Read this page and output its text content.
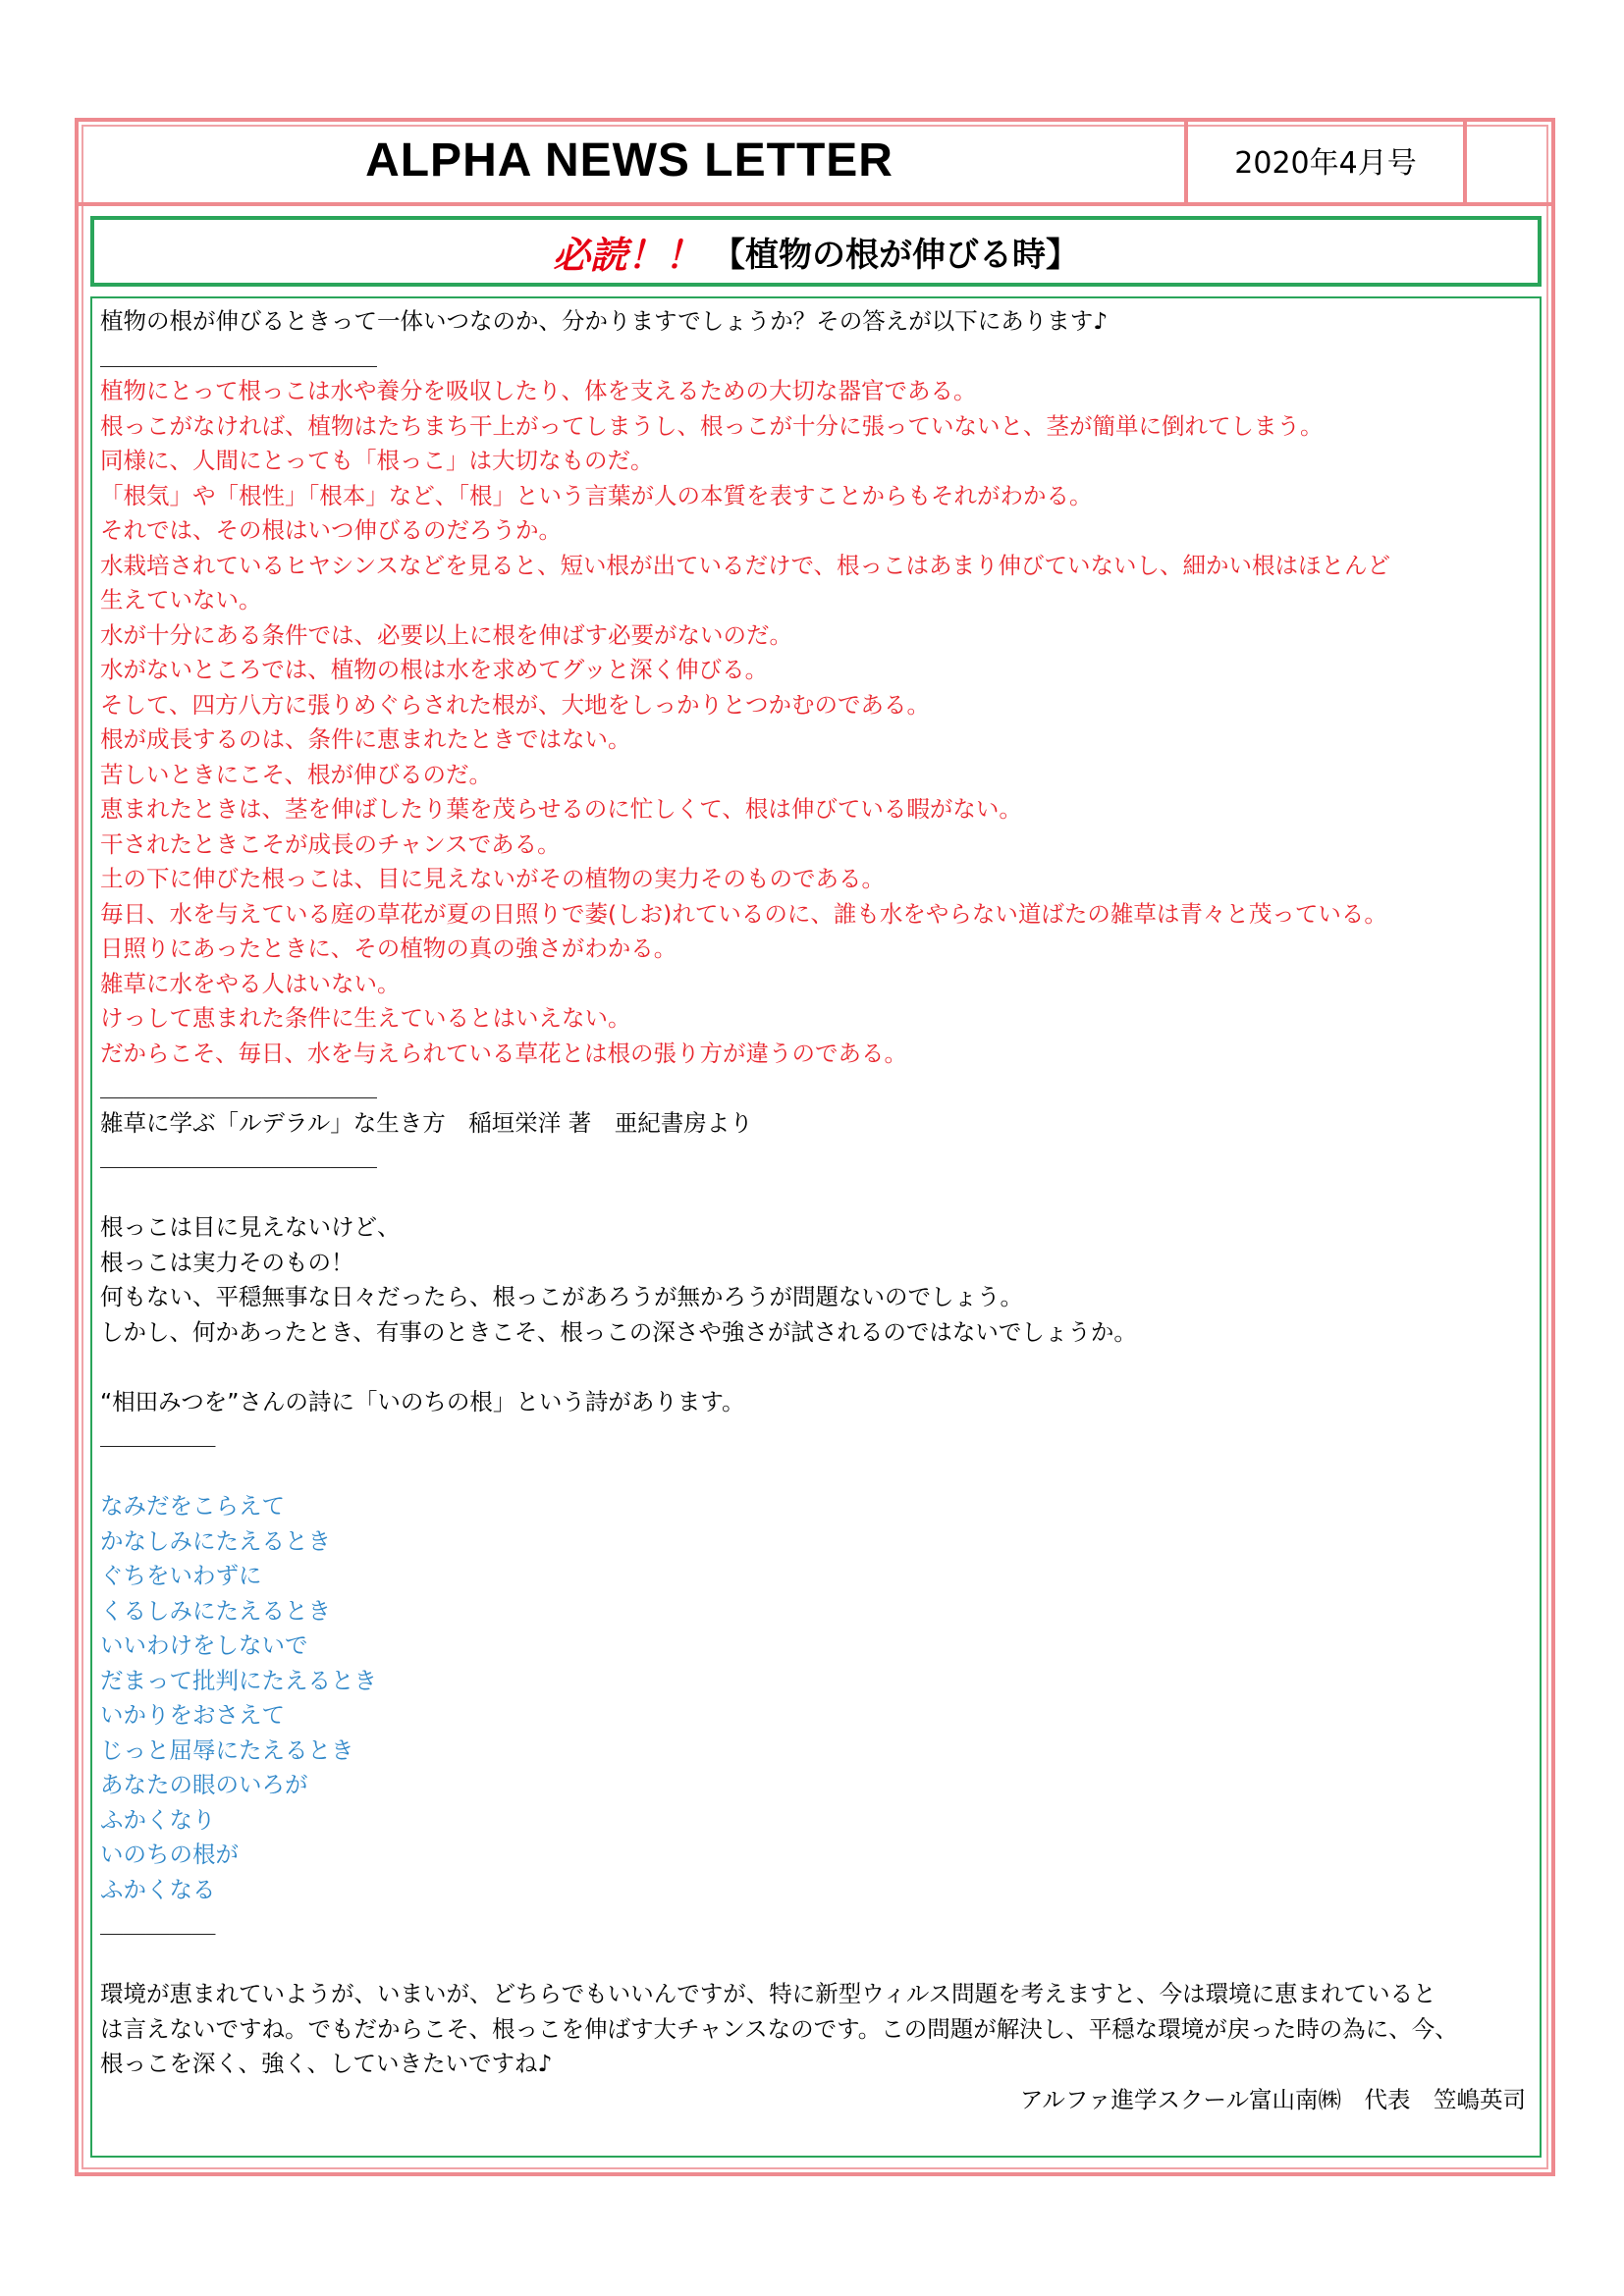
ALPHA NEWS LETTER	2020年4月号
必読！！ 【植物の根が伸びる時】
植物の根が伸びるときって一体いつなのか、分かりますでしょうか？その答えが以下にあります♪
＿＿＿＿＿＿＿＿＿＿＿＿
植物にとって根っこは水や養分を吸収したり、体を支えるための大切な器官である。
根っこがなければ、植物はたちまち干上がってしまうし、根っこが十分に張っていないと、茎が簡単に倒れてしまう。
同様に、人間にとっても「根っこ」は大切なものだ。
「根気」や「根性」「根本」など、「根」という言葉が人の本質を表すことからもそれがわかる。
それでは、その根はいつ伸びるのだろうか。
水栽培されているヒヤシンスなどを見ると、短い根が出ているだけで、根っこはあまり伸びていないし、細かい根はほとんど
生えていない。
水が十分にある条件では、必要以上に根を伸ばす必要がないのだ。
水がないところでは、植物の根は水を求めてグッと深く伸びる。
そして、四方八方に張りめぐらされた根が、大地をしっかりとつかむのである。
根が成長するのは、条件に恵まれたときではない。
苦しいときにこそ、根が伸びるのだ。
恵まれたときは、茎を伸ばしたり葉を茂らせるのに忙しくて、根は伸びている暇がない。
干されたときこそが成長のチャンスである。
土の下に伸びた根っこは、目に見えないがその植物の実力そのものである。
毎日、水を与えている庭の草花が夏の日照りで萎(しお)れているのに、誰も水をやらない道ばたの雑草は青々と茂っている。
日照りにあったときに、その植物の真の強さがわかる。
雑草に水をやる人はいない。
けっして恵まれた条件に生えているとはいえない。
だからこそ、毎日、水を与えられている草花とは根の張り方が違うのである。
＿＿＿＿＿＿＿＿＿＿＿＿
雑草に学ぶ「ルデラル」な生き方　稲垣栄洋 著　亜紀書房より
＿＿＿＿＿＿＿＿＿＿＿＿
根っこは目に見えないけど、
根っこは実力そのもの！
何もない、平穏無事な日々だったら、根っこがあろうが無かろうが問題ないのでしょう。
しかし、何かあったとき、有事のときこそ、根っこの深さや強さが試されるのではないでしょうか。
“相田みつを”さんの詩に「いのちの根」という詩があります。
＿＿＿＿＿
なみだをこらえて
かなしみにたえるとき
ぐちをいわずに
くるしみにたえるとき
いいわけをしないで
だまって批判にたえるとき
いかりをおさえて
じっと屈辱にたえるとき
あなたの眼のいろが
ふかくなり
いのちの根が
ふかくなる
＿＿＿＿＿
環境が恵まれていようが、いまいが、どちらでもいいんですが、特に新型ウィルス問題を考えますと、今は環境に恵まれていると
は言えないですね。でもだからこそ、根っこを伸ばす大チャンスなのです。この問題が解決し、平穏な環境が戻った時の為に、今、
根っこを深く、強く、していきたいですね♪
アルファ進学スクール富山南㈱　代表　笠嶋英司
